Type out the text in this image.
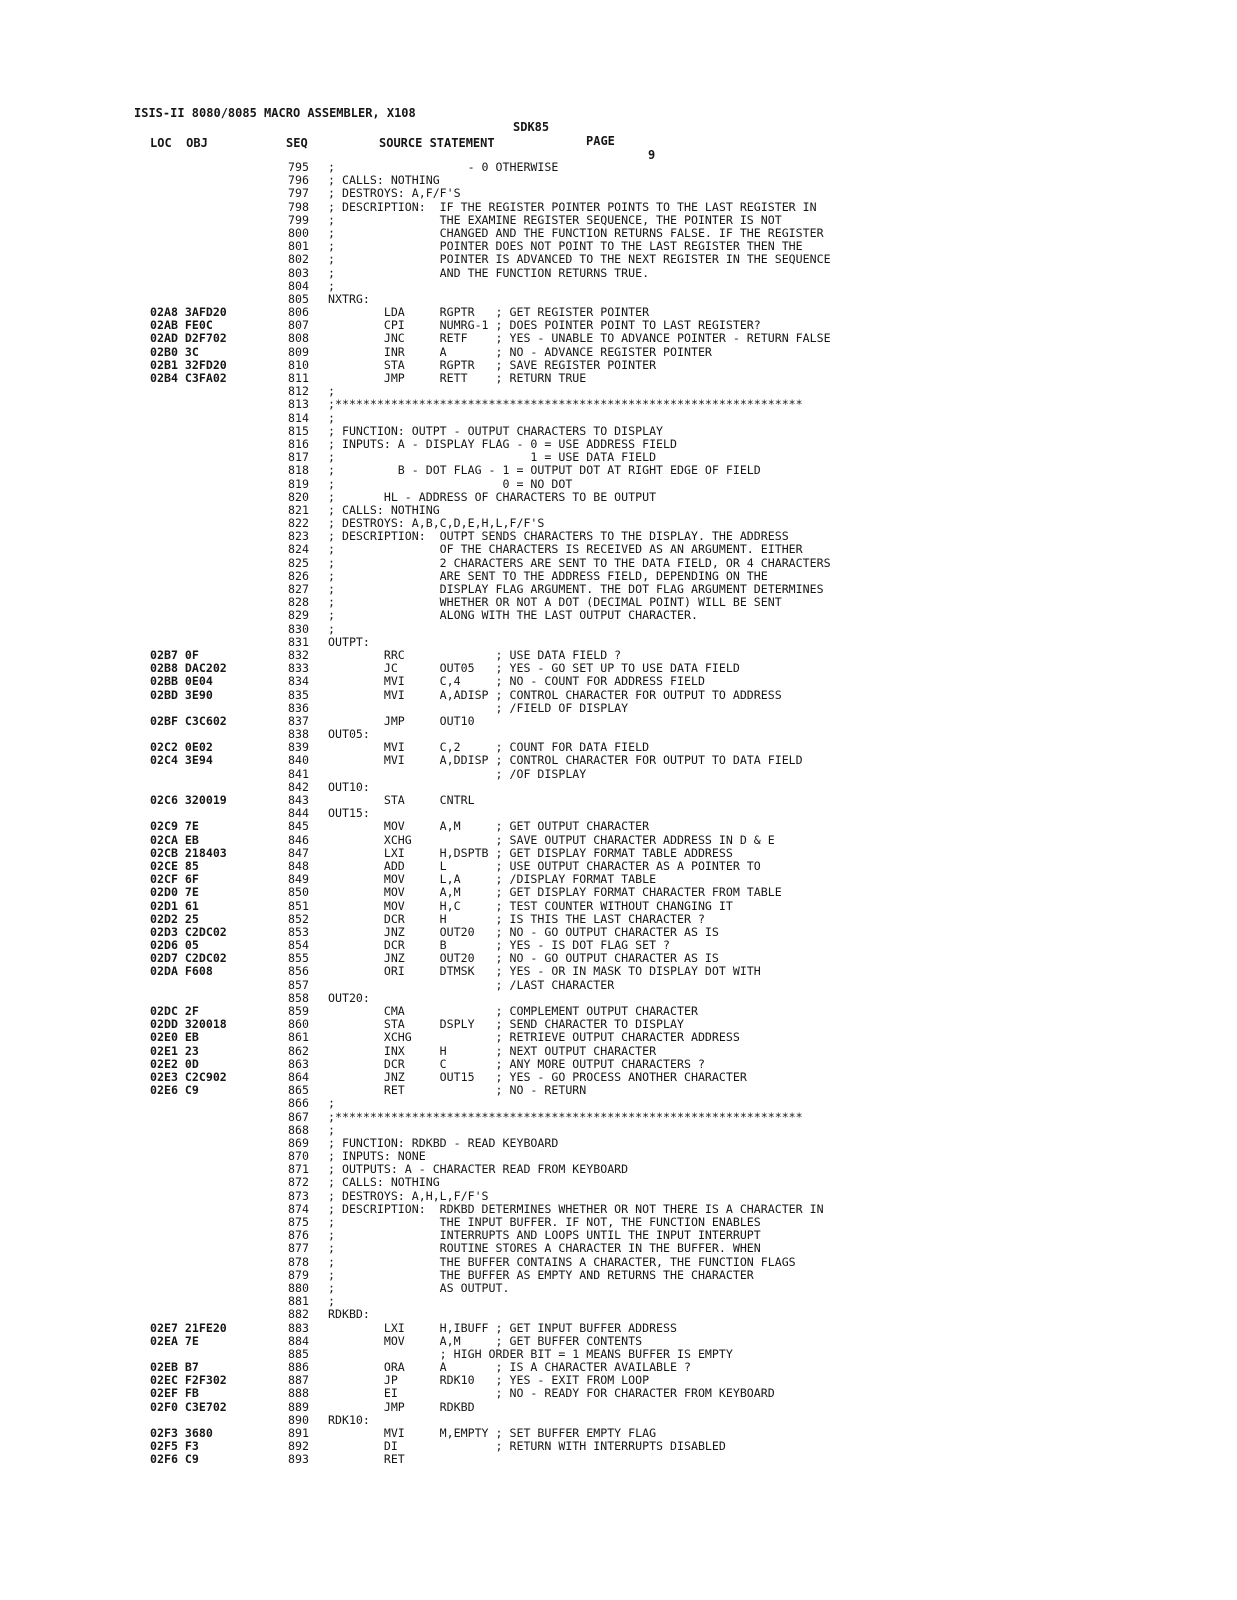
ISIS-II 8080/8085 MACRO ASSEMBLER, X108

SDK85

PAGE

9

LOC  OBJ	SEQ	SOURCE STATEMENT
795 ;                   - 0 OTHERWISE
796 ; CALLS: NOTHING
797 ; DESTROYS: A,F/F'S
798 ; DESCRIPTION:  IF THE REGISTER POINTER POINTS TO THE LAST REGISTER IN
799 ;               THE EXAMINE REGISTER SEQUENCE, THE POINTER IS NOT
800 ;               CHANGED AND THE FUNCTION RETURNS FALSE. IF THE REGISTER
801 ;               POINTER DOES NOT POINT TO THE LAST REGISTER THEN THE
802 ;               POINTER IS ADVANCED TO THE NEXT REGISTER IN THE SEQUENCE
803 ;               AND THE FUNCTION RETURNS TRUE.
804 ;
805 NXTRG:
02A8 3AFD20	806 LDA     RGPTR   ; GET REGISTER POINTER
02AB FE0C	807 CPI     NUMRG-1 ; DOES POINTER POINT TO LAST REGISTER?
02AD D2F702	808 JNC     RETF    ; YES - UNABLE TO ADVANCE POINTER - RETURN FALSE
02B0 3C	809 INR     A       ; NO - ADVANCE REGISTER POINTER
02B1 32FD20	810 STA     RGPTR   ; SAVE REGISTER POINTER
02B4 C3FA02	811 JMP     RETT    ; RETURN TRUE
812 ;
813 ;*******************************************************************
814 ;
815 ; FUNCTION: OUTPT - OUTPUT CHARACTERS TO DISPLAY
816 ; INPUTS: A - DISPLAY FLAG - 0 = USE ADDRESS FIELD
817 ;                            1 = USE DATA FIELD
818 ;         B - DOT FLAG - 1 = OUTPUT DOT AT RIGHT EDGE OF FIELD
819 ;                        0 = NO DOT
820 ;       HL - ADDRESS OF CHARACTERS TO BE OUTPUT
821 ; CALLS: NOTHING
822 ; DESTROYS: A,B,C,D,E,H,L,F/F'S
823 ; DESCRIPTION:  OUTPT SENDS CHARACTERS TO THE DISPLAY. THE ADDRESS
824 ;               OF THE CHARACTERS IS RECEIVED AS AN ARGUMENT. EITHER
825 ;               2 CHARACTERS ARE SENT TO THE DATA FIELD, OR 4 CHARACTERS
826 ;               ARE SENT TO THE ADDRESS FIELD, DEPENDING ON THE
827 ;               DISPLAY FLAG ARGUMENT. THE DOT FLAG ARGUMENT DETERMINES
828 ;               WHETHER OR NOT A DOT (DECIMAL POINT) WILL BE SENT
829 ;               ALONG WITH THE LAST OUTPUT CHARACTER.
830 ;
831 OUTPT:
02B7 0F	832 RRC             ; USE DATA FIELD ?
02B8 DAC202	833 JC      OUT05   ; YES - GO SET UP TO USE DATA FIELD
02BB 0E04	834 MVI     C,4     ; NO - COUNT FOR ADDRESS FIELD
02BD 3E90	835 MVI     A,ADISP ; CONTROL CHARACTER FOR OUTPUT TO ADDRESS
836 ; /FIELD OF DISPLAY
02BF C3C602	837 JMP     OUT10
838 OUT05:
02C2 0E02	839 MVI     C,2     ; COUNT FOR DATA FIELD
02C4 3E94	840 MVI     A,DDISP ; CONTROL CHARACTER FOR OUTPUT TO DATA FIELD
841 ; /OF DISPLAY
842 OUT10:
02C6 320019	843 STA     CNTRL
844 OUT15:
02C9 7E	845 MOV     A,M     ; GET OUTPUT CHARACTER
02CA EB	846 XCHG            ; SAVE OUTPUT CHARACTER ADDRESS IN D & E
02CB 218403	847 LXI     H,DSPTB ; GET DISPLAY FORMAT TABLE ADDRESS
02CE 85	848 ADD     L       ; USE OUTPUT CHARACTER AS A POINTER TO
02CF 6F	849 MOV     L,A     ; /DISPLAY FORMAT TABLE
02D0 7E	850 MOV     A,M     ; GET DISPLAY FORMAT CHARACTER FROM TABLE
02D1 61	851 MOV     H,C     ; TEST COUNTER WITHOUT CHANGING IT
02D2 25	852 DCR     H       ; IS THIS THE LAST CHARACTER ?
02D3 C2DC02	853 JNZ     OUT20   ; NO - GO OUTPUT CHARACTER AS IS
02D6 05	854 DCR     B       ; YES - IS DOT FLAG SET ?
02D7 C2DC02	855 JNZ     OUT20   ; NO - GO OUTPUT CHARACTER AS IS
02DA F608	856 ORI     DTMSK   ; YES - OR IN MASK TO DISPLAY DOT WITH
857 ; /LAST CHARACTER
858 OUT20:
02DC 2F	859 CMA             ; COMPLEMENT OUTPUT CHARACTER
02DD 320018	860 STA     DSPLY   ; SEND CHARACTER TO DISPLAY
02E0 EB	861 XCHG            ; RETRIEVE OUTPUT CHARACTER ADDRESS
02E1 23	862 INX     H       ; NEXT OUTPUT CHARACTER
02E2 0D	863 DCR     C       ; ANY MORE OUTPUT CHARACTERS ?
02E3 C2C902	864 JNZ     OUT15   ; YES - GO PROCESS ANOTHER CHARACTER
02E6 C9	865 RET             ; NO - RETURN
866 ;
867 ;*******************************************************************
868 ;
869 ; FUNCTION: RDKBD - READ KEYBOARD
870 ; INPUTS: NONE
871 ; OUTPUTS: A - CHARACTER READ FROM KEYBOARD
872 ; CALLS: NOTHING
873 ; DESTROYS: A,H,L,F/F'S
874 ; DESCRIPTION:  RDKBD DETERMINES WHETHER OR NOT THERE IS A CHARACTER IN
875 ;               THE INPUT BUFFER. IF NOT, THE FUNCTION ENABLES
876 ;               INTERRUPTS AND LOOPS UNTIL THE INPUT INTERRUPT
877 ;               ROUTINE STORES A CHARACTER IN THE BUFFER. WHEN
878 ;               THE BUFFER CONTAINS A CHARACTER, THE FUNCTION FLAGS
879 ;               THE BUFFER AS EMPTY AND RETURNS THE CHARACTER
880 ;               AS OUTPUT.
881 ;
882 RDKBD:
02E7 21FE20	883 LXI     H,IBUFF ; GET INPUT BUFFER ADDRESS
02EA 7E	884 MOV     A,M     ; GET BUFFER CONTENTS
885 ; HIGH ORDER BIT = 1 MEANS BUFFER IS EMPTY
02EB B7	886 ORA     A       ; IS A CHARACTER AVAILABLE ?
02EC F2F302	887 JP      RDK10   ; YES - EXIT FROM LOOP
02EF FB	888 EI              ; NO - READY FOR CHARACTER FROM KEYBOARD
02F0 C3E702	889 JMP     RDKBD
890 RDK10:
02F3 3680	891 MVI     M,EMPTY ; SET BUFFER EMPTY FLAG
02F5 F3	892 DI              ; RETURN WITH INTERRUPTS DISABLED
02F6 C9	893 RET
